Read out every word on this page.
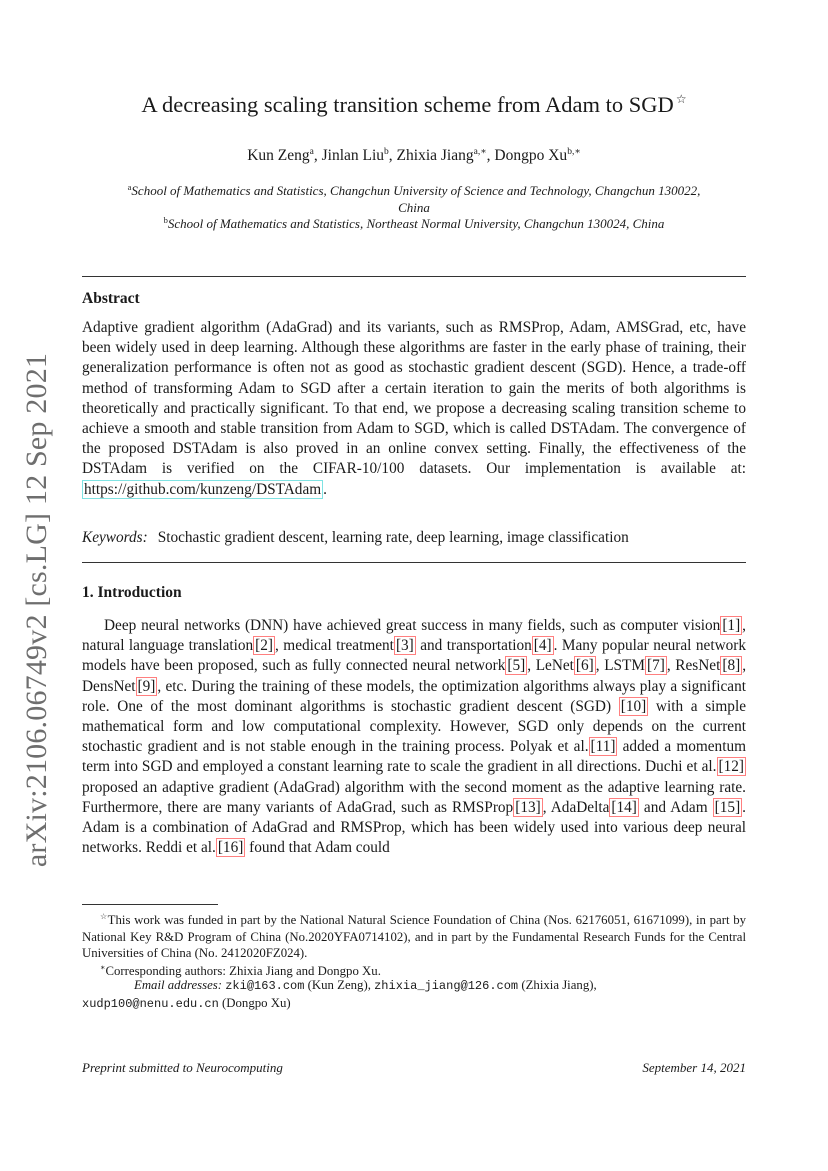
arXiv:2106.06749v2 [cs.LG] 12 Sep 2021
A decreasing scaling transition scheme from Adam to SGD ☆
Kun Zeng$^a$, Jinlan Liu$^b$, Zhixia Jiang$^{a,∗}$, Dongpo $Xu^{b,∗}$
$^a$School of Mathematics and Statistics, Changchun University of Science and Technology, Changchun 130022,
China
$^b$School of Mathematics and Statistics, Northeast Normal University, Changchun 130024, China
Abstract
Adaptive gradient algorithm (AdaGrad) and its variants, such as RMSProp, Adam, AMSGrad, etc, have been widely used in deep learning. Although these algorithms are faster in the early phase of training, their generalization performance is often not as good as stochastic gradient descent (SGD). Hence, a trade-off method of transforming Adam to SGD after a certain iteration to gain the merits of both algorithms is theoretically and practically significant. To that end, we propose a decreasing scaling transition scheme to achieve a smooth and stable transition from Adam to SGD, which is called DSTAdam. The convergence of the proposed DSTAdam is also proved in an online convex setting. Finally, the effectiveness of the DSTAdam is verified on the CIFAR-10/100 datasets. Our implementation is available at: https://github.com/kunzeng/DSTAdam .
Keywords: Stochastic gradient descent, learning rate, deep learning, image classification
1. Introduction
Deep neural networks (DNN) have achieved great success in many fields, such as computer vision [1] , natural language translation [2] , medical treatment [3] and transportation [4] . Many popular neural network models have been proposed, such as fully connected neural network [5] , LeNet [6] , LSTM [7] , ResNet [8] , DensNet [9] , etc. During the training of these models, the optimization algorithms always play a significant role. One of the most dominant algorithms is stochastic gradient descent (SGD) [10] with a simple mathematical form and low computational complexity. However, SGD only depends on the current stochastic gradient and is not stable enough in the training process. Polyak et al. [11] added a momentum term into SGD and employed a constant learning rate to scale the gradient in all directions. Duchi et al. [12] proposed an adaptive gradient (AdaGrad) algorithm with the second moment as the adaptive learning rate. Furthermore, there are many variants of AdaGrad, such as RMSProp [13] , AdaDelta [14] and Adam [15] . Adam is a combination of AdaGrad and RMSProp, which has been widely used into various deep neural networks. Reddi et al. [16] found that Adam could
☆This work was funded in part by the National Natural Science Foundation of China (Nos. 62176051, 61671099), in part by National Key R&D Program of China (No.2020YFA0714102), and in part by the Fundamental Research Funds for the Central Universities of China (No. 2412020FZ024).
∗Corresponding authors: Zhixia Jiang and Dongpo Xu.
Email addresses: zki@163.com (Kun Zeng), zhixia_jiang@126.com (Zhixia Jiang),
xudp100@nenu.edu.cn (Dongpo Xu)
Preprint submitted to Neurocomputing	September 14, 2021
